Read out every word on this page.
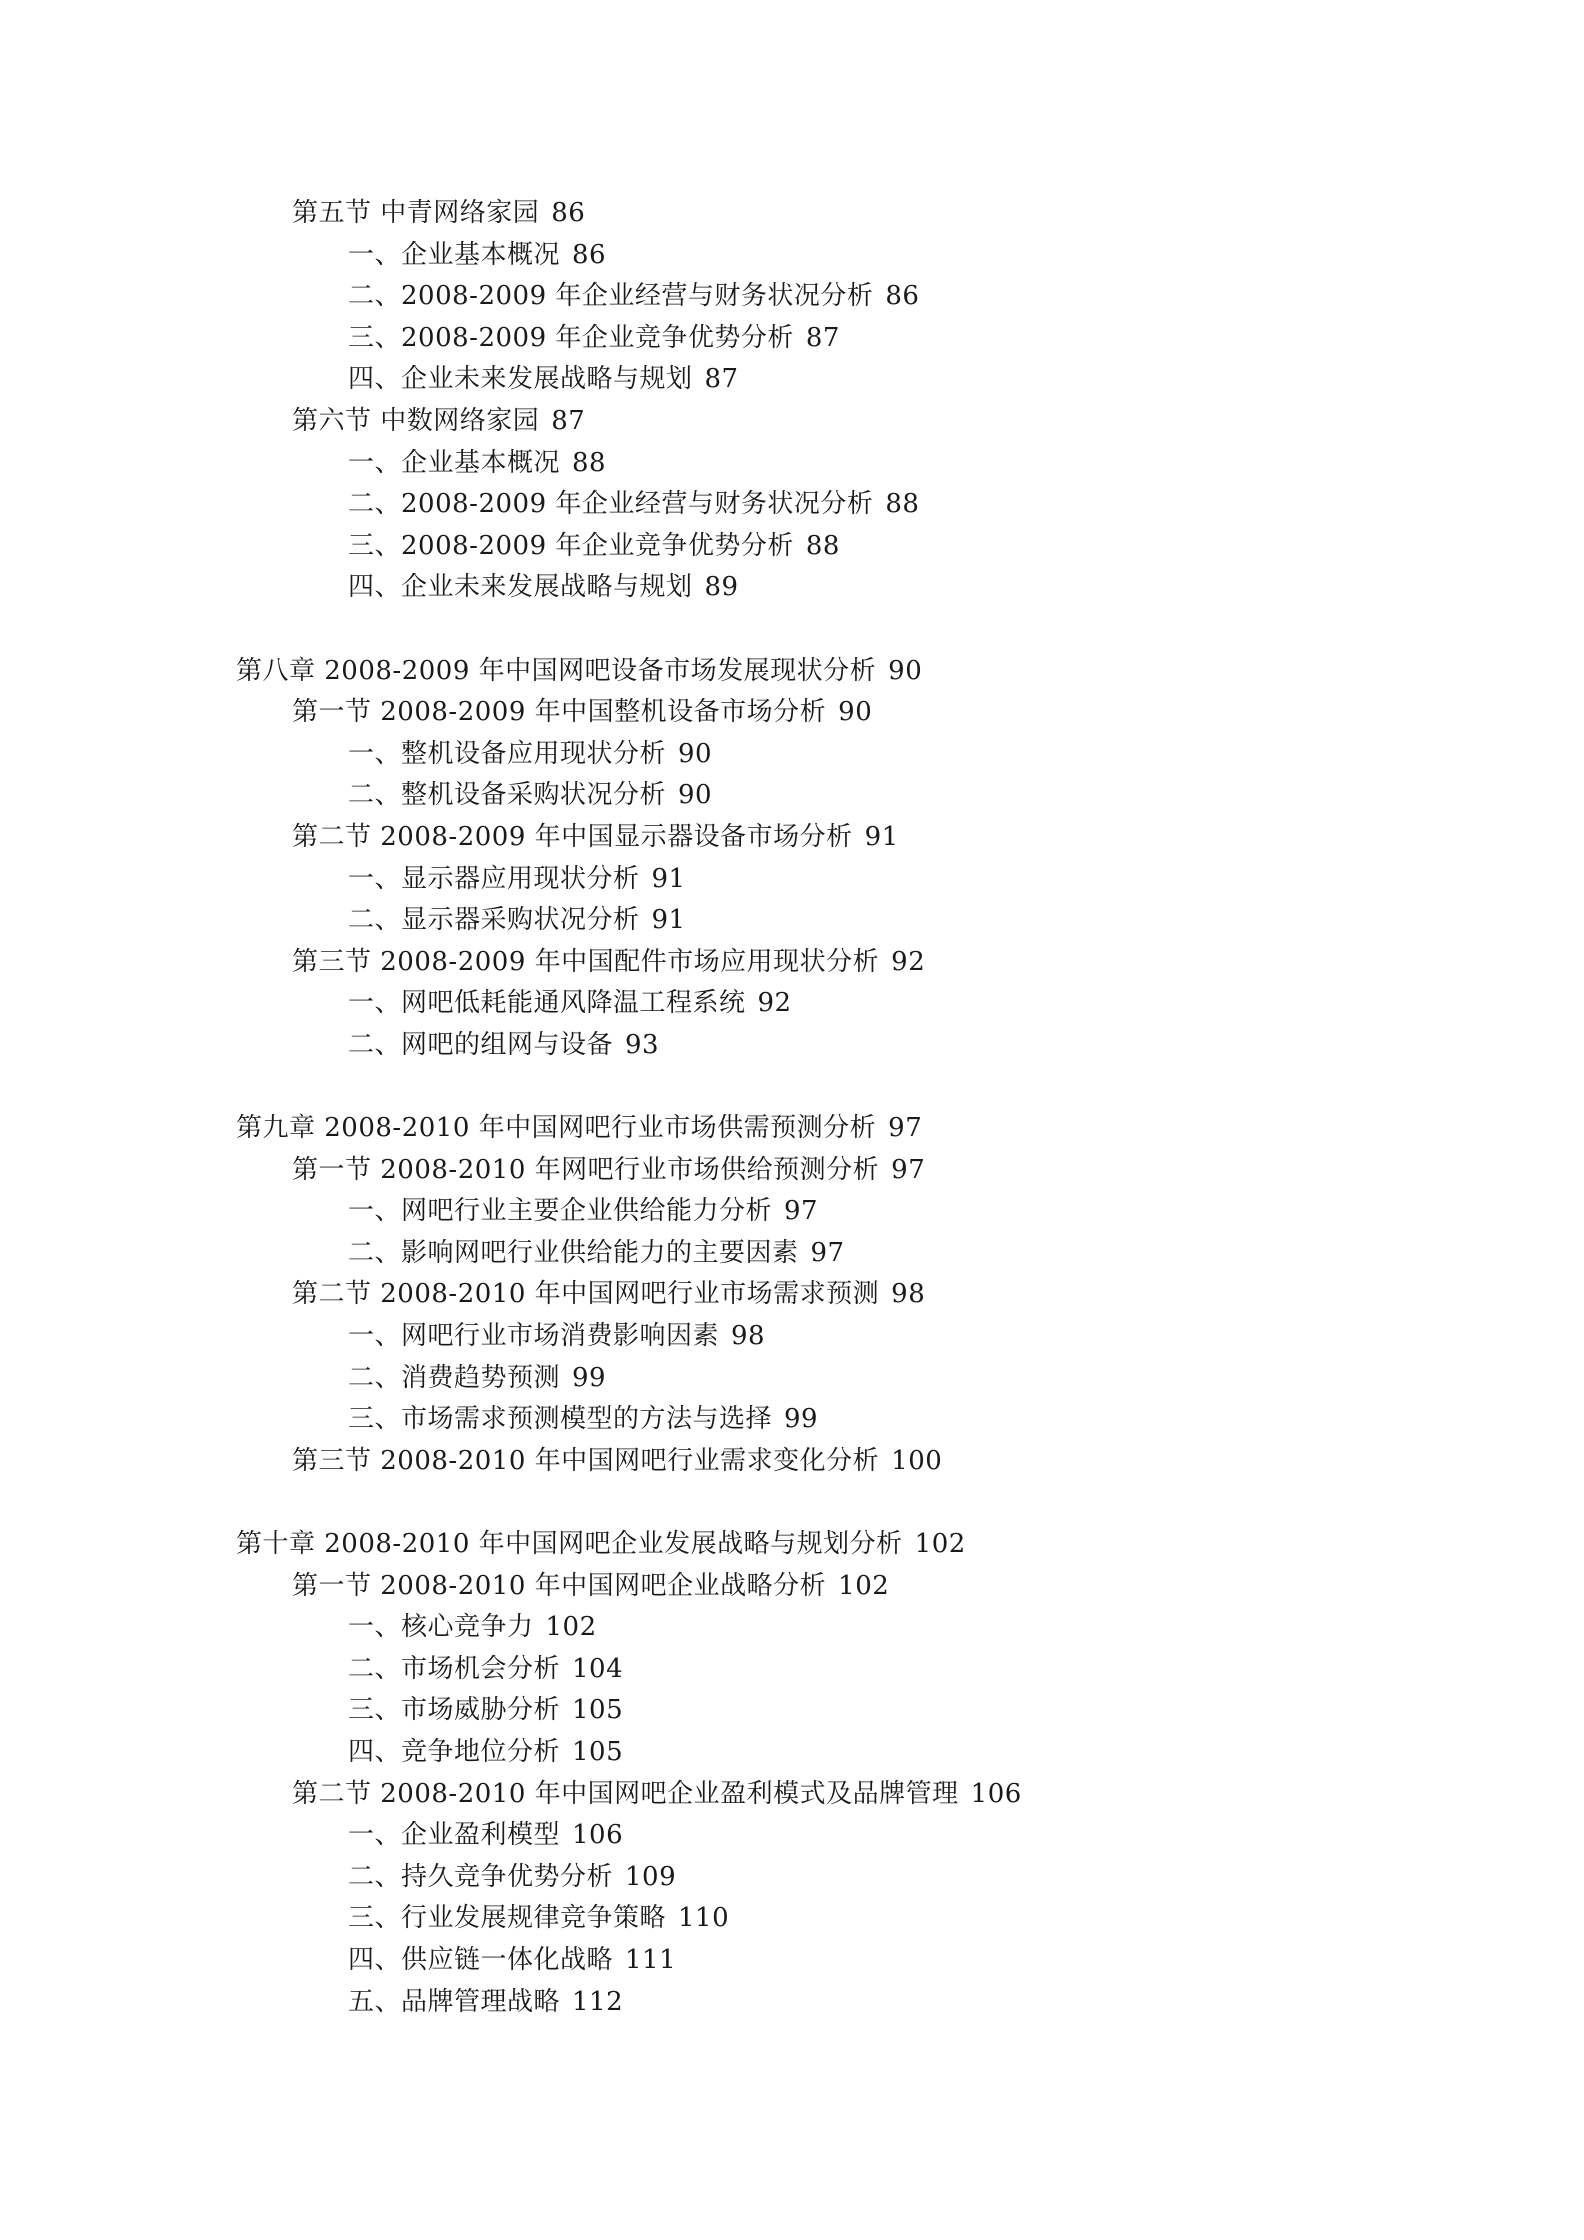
第五节 中青网络家园 86
一、企业基本概况 86
二、2008-2009 年企业经营与财务状况分析 86
三、2008-2009 年企业竞争优势分析 87
四、企业未来发展战略与规划 87
第六节 中数网络家园 87
一、企业基本概况 88
二、2008-2009 年企业经营与财务状况分析 88
三、2008-2009 年企业竞争优势分析 88
四、企业未来发展战略与规划 89
第八章 2008-2009 年中国网吧设备市场发展现状分析 90
第一节 2008-2009 年中国整机设备市场分析 90
一、整机设备应用现状分析 90
二、整机设备采购状况分析 90
第二节 2008-2009 年中国显示器设备市场分析 91
一、显示器应用现状分析 91
二、显示器采购状况分析 91
第三节 2008-2009 年中国配件市场应用现状分析 92
一、网吧低耗能通风降温工程系统 92
二、网吧的组网与设备 93
第九章 2008-2010 年中国网吧行业市场供需预测分析 97
第一节 2008-2010 年网吧行业市场供给预测分析 97
一、网吧行业主要企业供给能力分析 97
二、影响网吧行业供给能力的主要因素 97
第二节 2008-2010 年中国网吧行业市场需求预测 98
一、网吧行业市场消费影响因素 98
二、消费趋势预测 99
三、市场需求预测模型的方法与选择 99
第三节 2008-2010 年中国网吧行业需求变化分析 100
第十章 2008-2010 年中国网吧企业发展战略与规划分析 102
第一节 2008-2010 年中国网吧企业战略分析 102
一、核心竞争力 102
二、市场机会分析 104
三、市场威胁分析 105
四、竞争地位分析 105
第二节 2008-2010 年中国网吧企业盈利模式及品牌管理 106
一、企业盈利模型 106
二、持久竞争优势分析 109
三、行业发展规律竞争策略 110
四、供应链一体化战略 111
五、品牌管理战略 112
